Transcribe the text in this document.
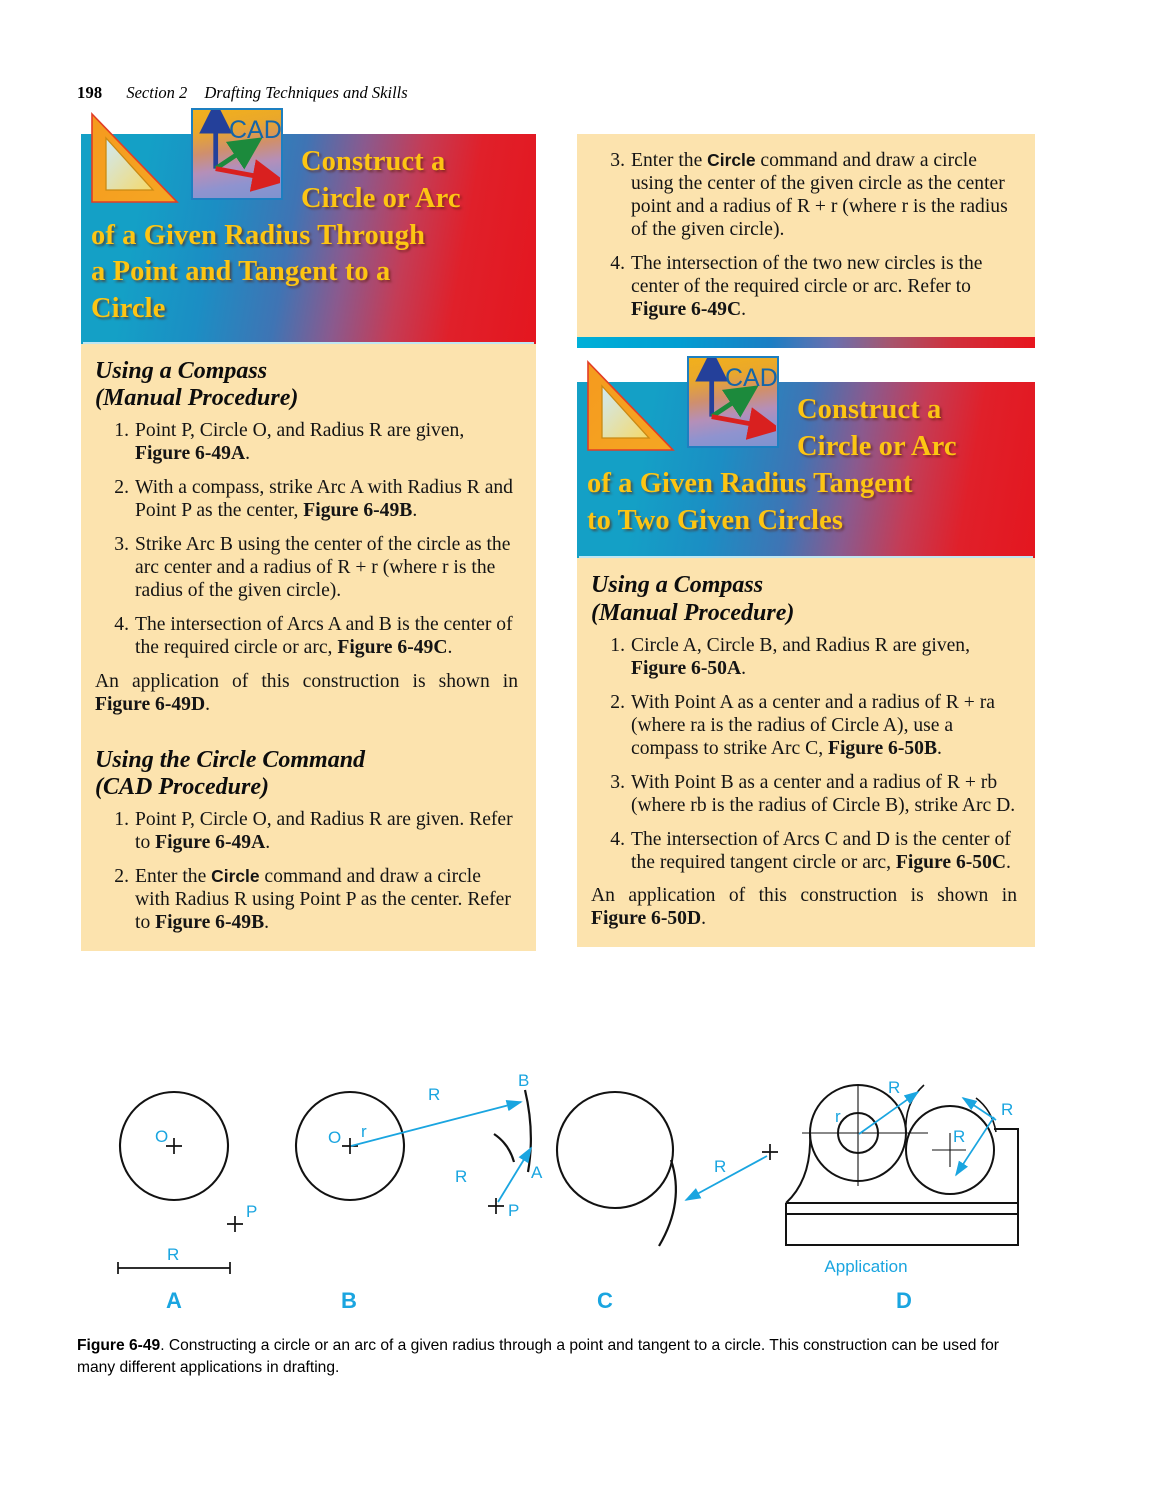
198 Section 2 Drafting Techniques and Skills
CAD
Construct a
Circle or Arc
of a Given Radius Through
a Point and Tangent to a
Circle
Using a Compass
(Manual Procedure)
1. Point P, Circle O, and Radius R are given, Figure 6-49A.
2. With a compass, strike Arc A with Radius R and Point P as the center, Figure 6-49B.
3. Strike Arc B using the center of the circle as the arc center and a radius of R + r (where r is the radius of the given circle).
4. The intersection of Arcs A and B is the center of the required circle or arc, Figure 6-49C.

An application of this construction is shown in Figure 6-49D.

Using the Circle Command
(CAD Procedure)
1. Point P, Circle O, and Radius R are given. Refer to Figure 6-49A.
2. Enter the Circle command and draw a circle with Radius R using Point P as the center. Refer to Figure 6-49B.
3. Enter the Circle command and draw a circle using the center of the given circle as the center point and a radius of R + r (where r is the radius of the given circle).
4. The intersection of the two new circles is the center of the required circle or arc. Refer to Figure 6-49C.
CAD
Construct a
Circle or Arc
of a Given Radius Tangent
to Two Given Circles
Using a Compass
(Manual Procedure)
1. Circle A, Circle B, and Radius R are given, Figure 6-50A.
2. With Point A as a center and a radius of R + ra (where ra is the radius of Circle A), use a compass to strike Arc C, Figure 6-50B.
3. With Point B as a center and a radius of R + rb (where rb is the radius of Circle B), strike Arc D.
4. The intersection of Arcs C and D is the center of the required tangent circle or arc, Figure 6-50C.

An application of this construction is shown in Figure 6-50D.

O
P
R
A
O r
R
R
P
A
B
B
R
C
r
R
R
R
Application
D
Figure 6-49. Constructing a circle or an arc of a given radius through a point and tangent to a circle. This construction can be used for many different applications in drafting.
